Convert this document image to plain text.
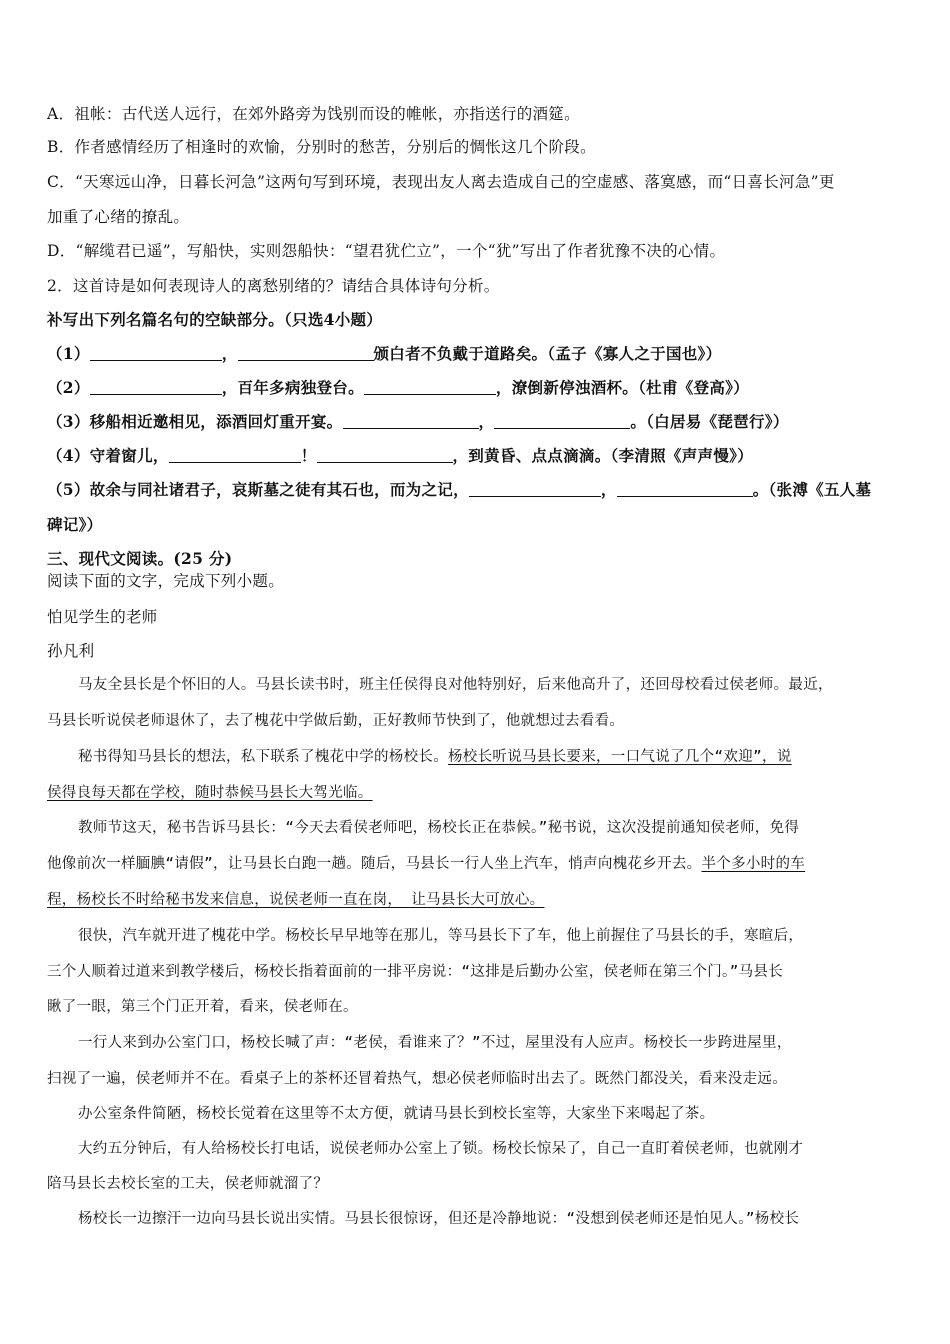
A．祖帐：古代送人远行，在郊外路旁为饯别而设的帷帐，亦指送行的酒筵。
B．作者感情经历了相逢时的欢愉，分别时的愁苦，分别后的惆怅这几个阶段。
C．“天寒远山净，日暮长河急”这两句写到环境，表现出友人离去造成自己的空虚感、落寞感，而“日喜长河急”更
加重了心绪的撩乱。
D．“解缆君已遥”，写船快，实则怨船快：“望君犹伫立”，一个“犹”写出了作者犹豫不决的心情。
2．这首诗是如何表现诗人的离愁别绪的？请结合具体诗句分析。
补写出下列名篇名句的空缺部分。（只选4小题）
（1）	，	颁白者不负戴于道路矣。（孟子《寡人之于国也》）
（2）	，百年多病独登台。	，潦倒新停浊酒杯。（杜甫《登高》）
（3）移船相近邀相见，添酒回灯重开宴。	，	。（白居易《琵琶行》）
（4）守着窗儿，	！	，到黄昏、点点滴滴。（李清照《声声慢》）
（5）故余与同社诸君子，哀斯墓之徒有其石也，而为之记，	，	。（张溥《五人墓
碑记》）
三、现代文阅读。(25 分)
阅读下面的文字，完成下列小题。
怕见学生的老师
孙凡利
马友全县长是个怀旧的人。马县长读书时，班主任侯得良对他特别好，后来他高升了，还回母校看过侯老师。最近，
马县长听说侯老师退休了，去了槐花中学做后勤，正好教师节快到了，他就想过去看看。
秘书得知马县长的想法，私下联系了槐花中学的杨校长。杨校长听说马县长要来，一口气说了几个“欢迎”，说
侯得良每天都在学校，随时恭候马县长大驾光临。
教师节这天，秘书告诉马县长：“今天去看侯老师吧，杨校长正在恭候。”秘书说，这次没提前通知侯老师，免得
他像前次一样腼腆“请假”，让马县长白跑一趟。随后，马县长一行人坐上汽车，悄声向槐花乡开去。半个多小时的车
程，杨校长不时给秘书发来信息，说侯老师一直在岗， 让马县长大可放心。
很快，汽车就开进了槐花中学。杨校长早早地等在那儿，等马县长下了车，他上前握住了马县长的手，寒暄后，
三个人顺着过道来到教学楼后，杨校长指着面前的一排平房说：“这排是后勤办公室，侯老师在第三个门。”马县长
瞅了一眼，第三个门正开着，看来，侯老师在。
一行人来到办公室门口，杨校长喊了声：“老侯，看谁来了？”不过，屋里没有人应声。杨校长一步跨进屋里，
扫视了一遍，侯老师并不在。看桌子上的茶杯还冒着热气，想必侯老师临时出去了。既然门都没关，看来没走远。
办公室条件简陋，杨校长觉着在这里等不太方便，就请马县长到校长室等，大家坐下来喝起了茶。
大约五分钟后，有人给杨校长打电话，说侯老师办公室上了锁。杨校长惊呆了，自己一直盯着侯老师，也就刚才
陪马县长去校长室的工夫，侯老师就溜了？
杨校长一边擦汗一边向马县长说出实情。马县长很惊讶，但还是冷静地说：“没想到侯老师还是怕见人。”杨校长
